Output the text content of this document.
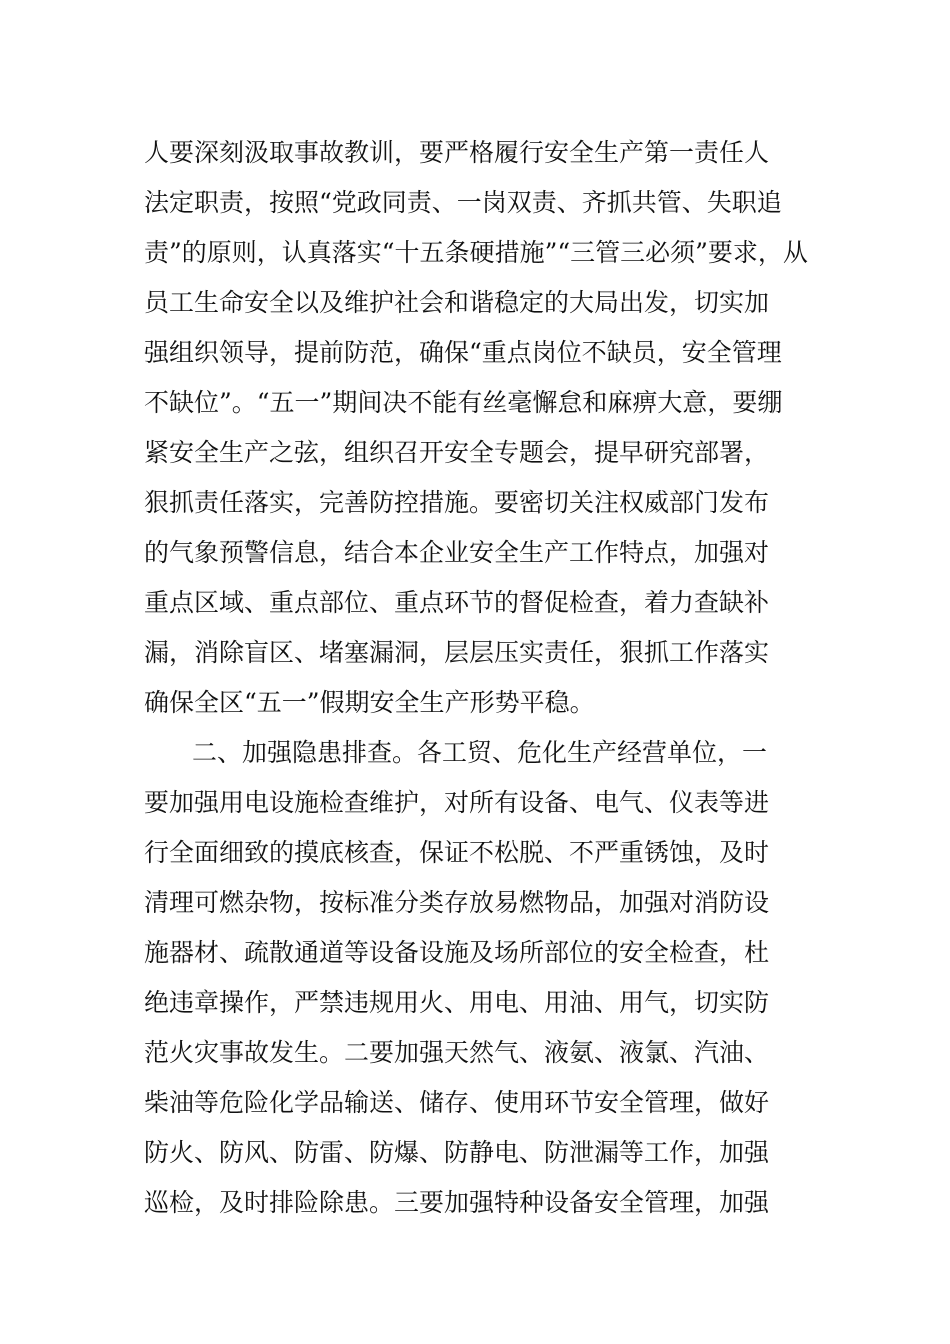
人要深刻汲取事故教训，要严格履行安全生产第一责任人
法定职责，按照“党政同责、一岗双责、齐抓共管、失职追
责”的原则，认真落实“十五条硬措施”“三管三必须”要求，从
员工生命安全以及维护社会和谐稳定的大局出发，切实加
强组织领导，提前防范，确保“重点岗位不缺员，安全管理
不缺位”。“五一”期间决不能有丝毫懈怠和麻痹大意，要绷
紧安全生产之弦，组织召开安全专题会，提早研究部署，
狠抓责任落实，完善防控措施。要密切关注权威部门发布
的气象预警信息，结合本企业安全生产工作特点，加强对
重点区域、重点部位、重点环节的督促检查，着力查缺补
漏，消除盲区、堵塞漏洞，层层压实责任，狠抓工作落实
确保全区“五一”假期安全生产形势平稳。
二、加强隐患排查。各工贸、危化生产经营单位，一
要加强用电设施检查维护，对所有设备、电气、仪表等进
行全面细致的摸底核查，保证不松脱、不严重锈蚀，及时
清理可燃杂物，按标准分类存放易燃物品，加强对消防设
施器材、疏散通道等设备设施及场所部位的安全检查，杜
绝违章操作，严禁违规用火、用电、用油、用气，切实防
范火灾事故发生。二要加强天然气、液氨、液氯、汽油、
柴油等危险化学品输送、储存、使用环节安全管理，做好
防火、防风、防雷、防爆、防静电、防泄漏等工作，加强
巡检，及时排险除患。三要加强特种设备安全管理，加强
